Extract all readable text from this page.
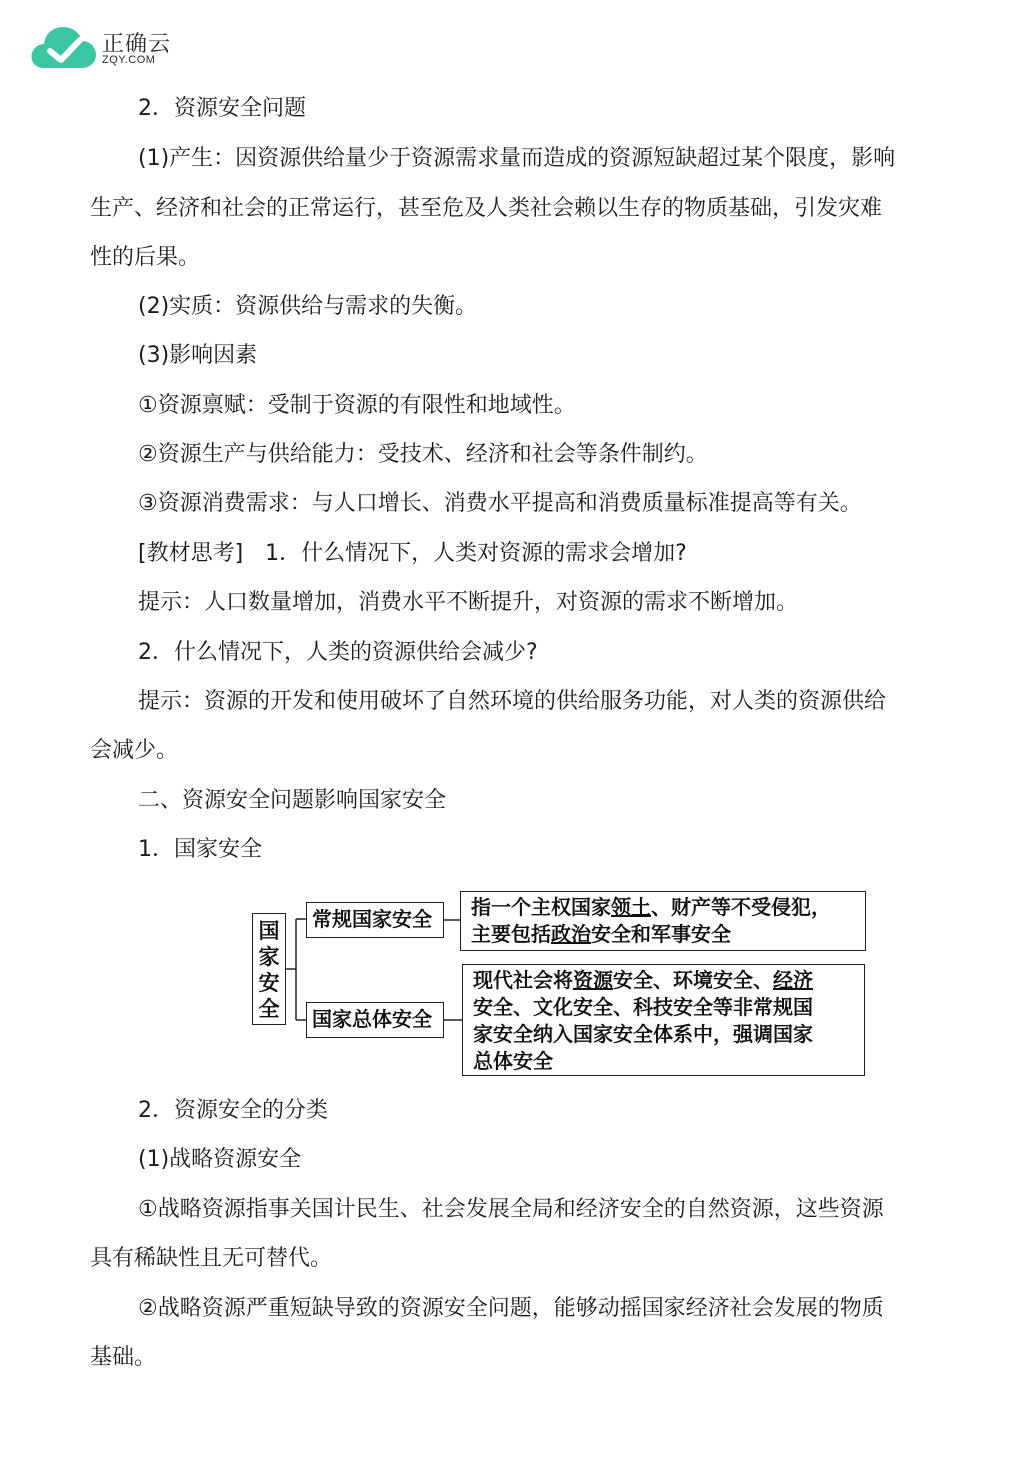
正确云
ZQY.COM
2．资源安全问题
(1)产生：因资源供给量少于资源需求量而造成的资源短缺超过某个限度，影响
生产、经济和社会的正常运行，甚至危及人类社会赖以生存的物质基础，引发灾难
性的后果。
(2)实质：资源供给与需求的失衡。
(3)影响因素
①资源禀赋：受制于资源的有限性和地域性。
②资源生产与供给能力：受技术、经济和社会等条件制约。
③资源消费需求：与人口增长、消费水平提高和消费质量标准提高等有关。
[教材思考]　1．什么情况下，人类对资源的需求会增加?
提示：人口数量增加，消费水平不断提升，对资源的需求不断增加。
2．什么情况下，人类的资源供给会减少?
提示：资源的开发和使用破坏了自然环境的供给服务功能，对人类的资源供给
会减少。
二、资源安全问题影响国家安全
1．国家安全
国
家
安
全
常规国家安全
国家总体安全
指一个主权国家领土、财产等不受侵犯，
主要包括政治安全和军事安全
现代社会将资源安全、环境安全、经济
安全、文化安全、科技安全等非常规国
家安全纳入国家安全体系中，强调国家
总体安全
2．资源安全的分类
(1)战略资源安全
①战略资源指事关国计民生、社会发展全局和经济安全的自然资源，这些资源
具有稀缺性且无可替代。
②战略资源严重短缺导致的资源安全问题，能够动摇国家经济社会发展的物质
基础。
